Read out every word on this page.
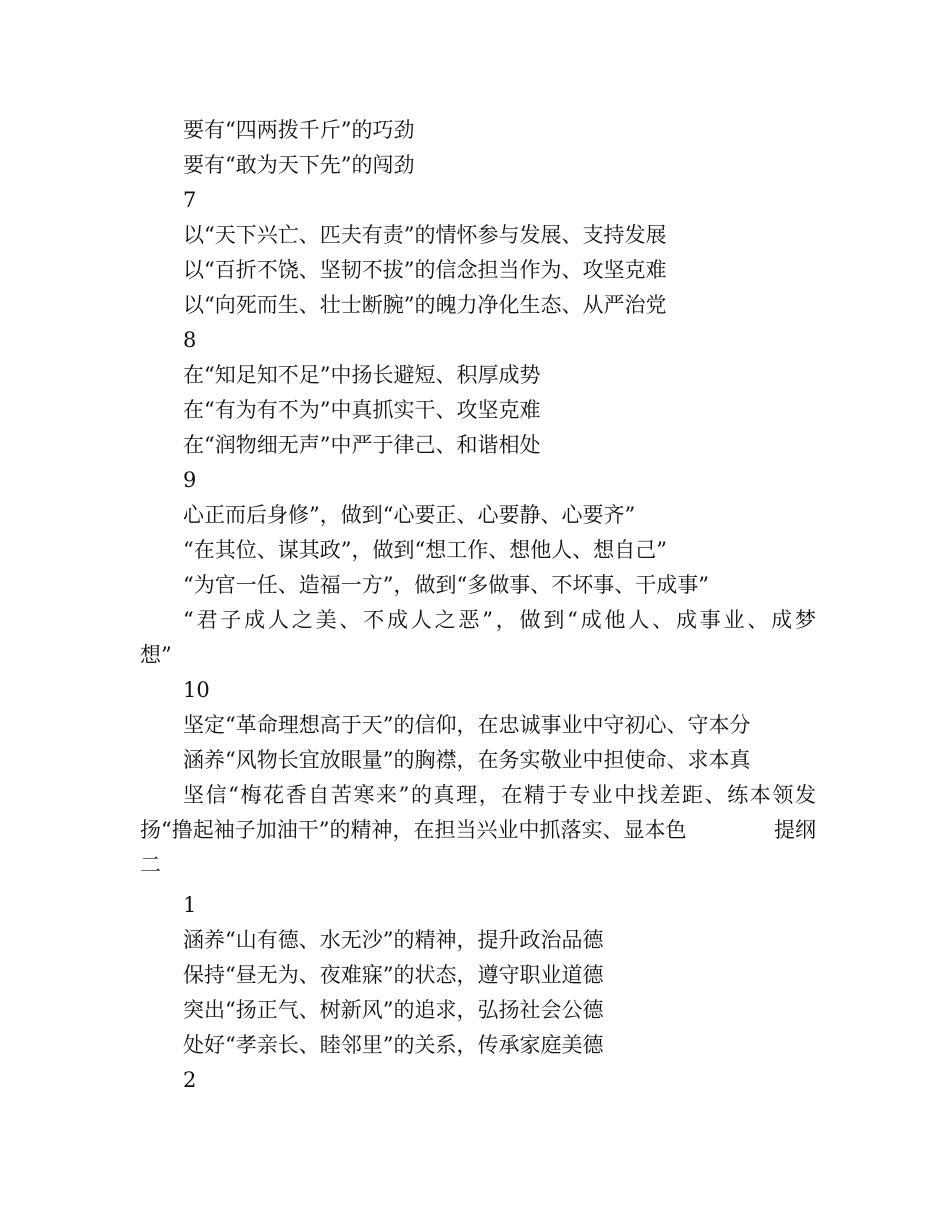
要有“四两拨千斤”的巧劲
要有“敢为天下先”的闯劲
7
以“天下兴亡、匹夫有责”的情怀参与发展、支持发展
以“百折不饶、坚韧不拔”的信念担当作为、攻坚克难
以“向死而生、壮士断腕”的魄力净化生态、从严治党
8
在“知足知不足”中扬长避短、积厚成势
在“有为有不为”中真抓实干、攻坚克难
在“润物细无声”中严于律己、和谐相处
9
心正而后身修”，做到“心要正、心要静、心要齐”
“在其位、谋其政”，做到“想工作、想他人、想自己”
“为官一任、造福一方”，做到“多做事、不坏事、干成事”
“君子成人之美、不成人之恶”，做到“成他人、成事业、成梦
想”
10
坚定“革命理想高于天”的信仰，在忠诚事业中守初心、守本分
涵养“风物长宜放眼量”的胸襟，在务实敬业中担使命、求本真
坚信“梅花香自苦寒来”的真理，在精于专业中找差距、练本领发
扬“撸起袖子加油干”的精神，在担当兴业中抓落实、显本色	提纲
二
1
涵养“山有德、水无沙”的精神，提升政治品德
保持“昼无为、夜难寐”的状态，遵守职业道德
突出“扬正气、树新风”的追求，弘扬社会公德
处好“孝亲长、睦邻里”的关系，传承家庭美德
2
